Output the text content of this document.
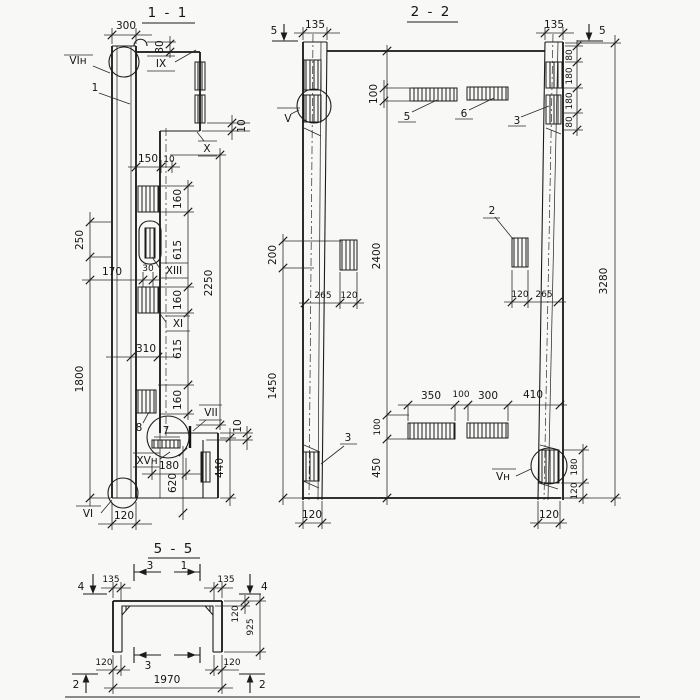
1 - 1
300
80
VIн	IX
1
X
10
150 10
160
615
160
615
160
2250
XIII
XI
170 30
250
1800
310
8 7
VII
10
440
XVн 180
620
VI 120
2 - 2
5	5
135	135
100
5	6
3
V
80
180
180
80
3280
2
120 265
265 120
200
1450
2400
100
450
350 100 300 410
Vн
3
180
120
120	120
5 - 5
3	1
4	4
135	135
120
925
3
120	120
1970
2	2
